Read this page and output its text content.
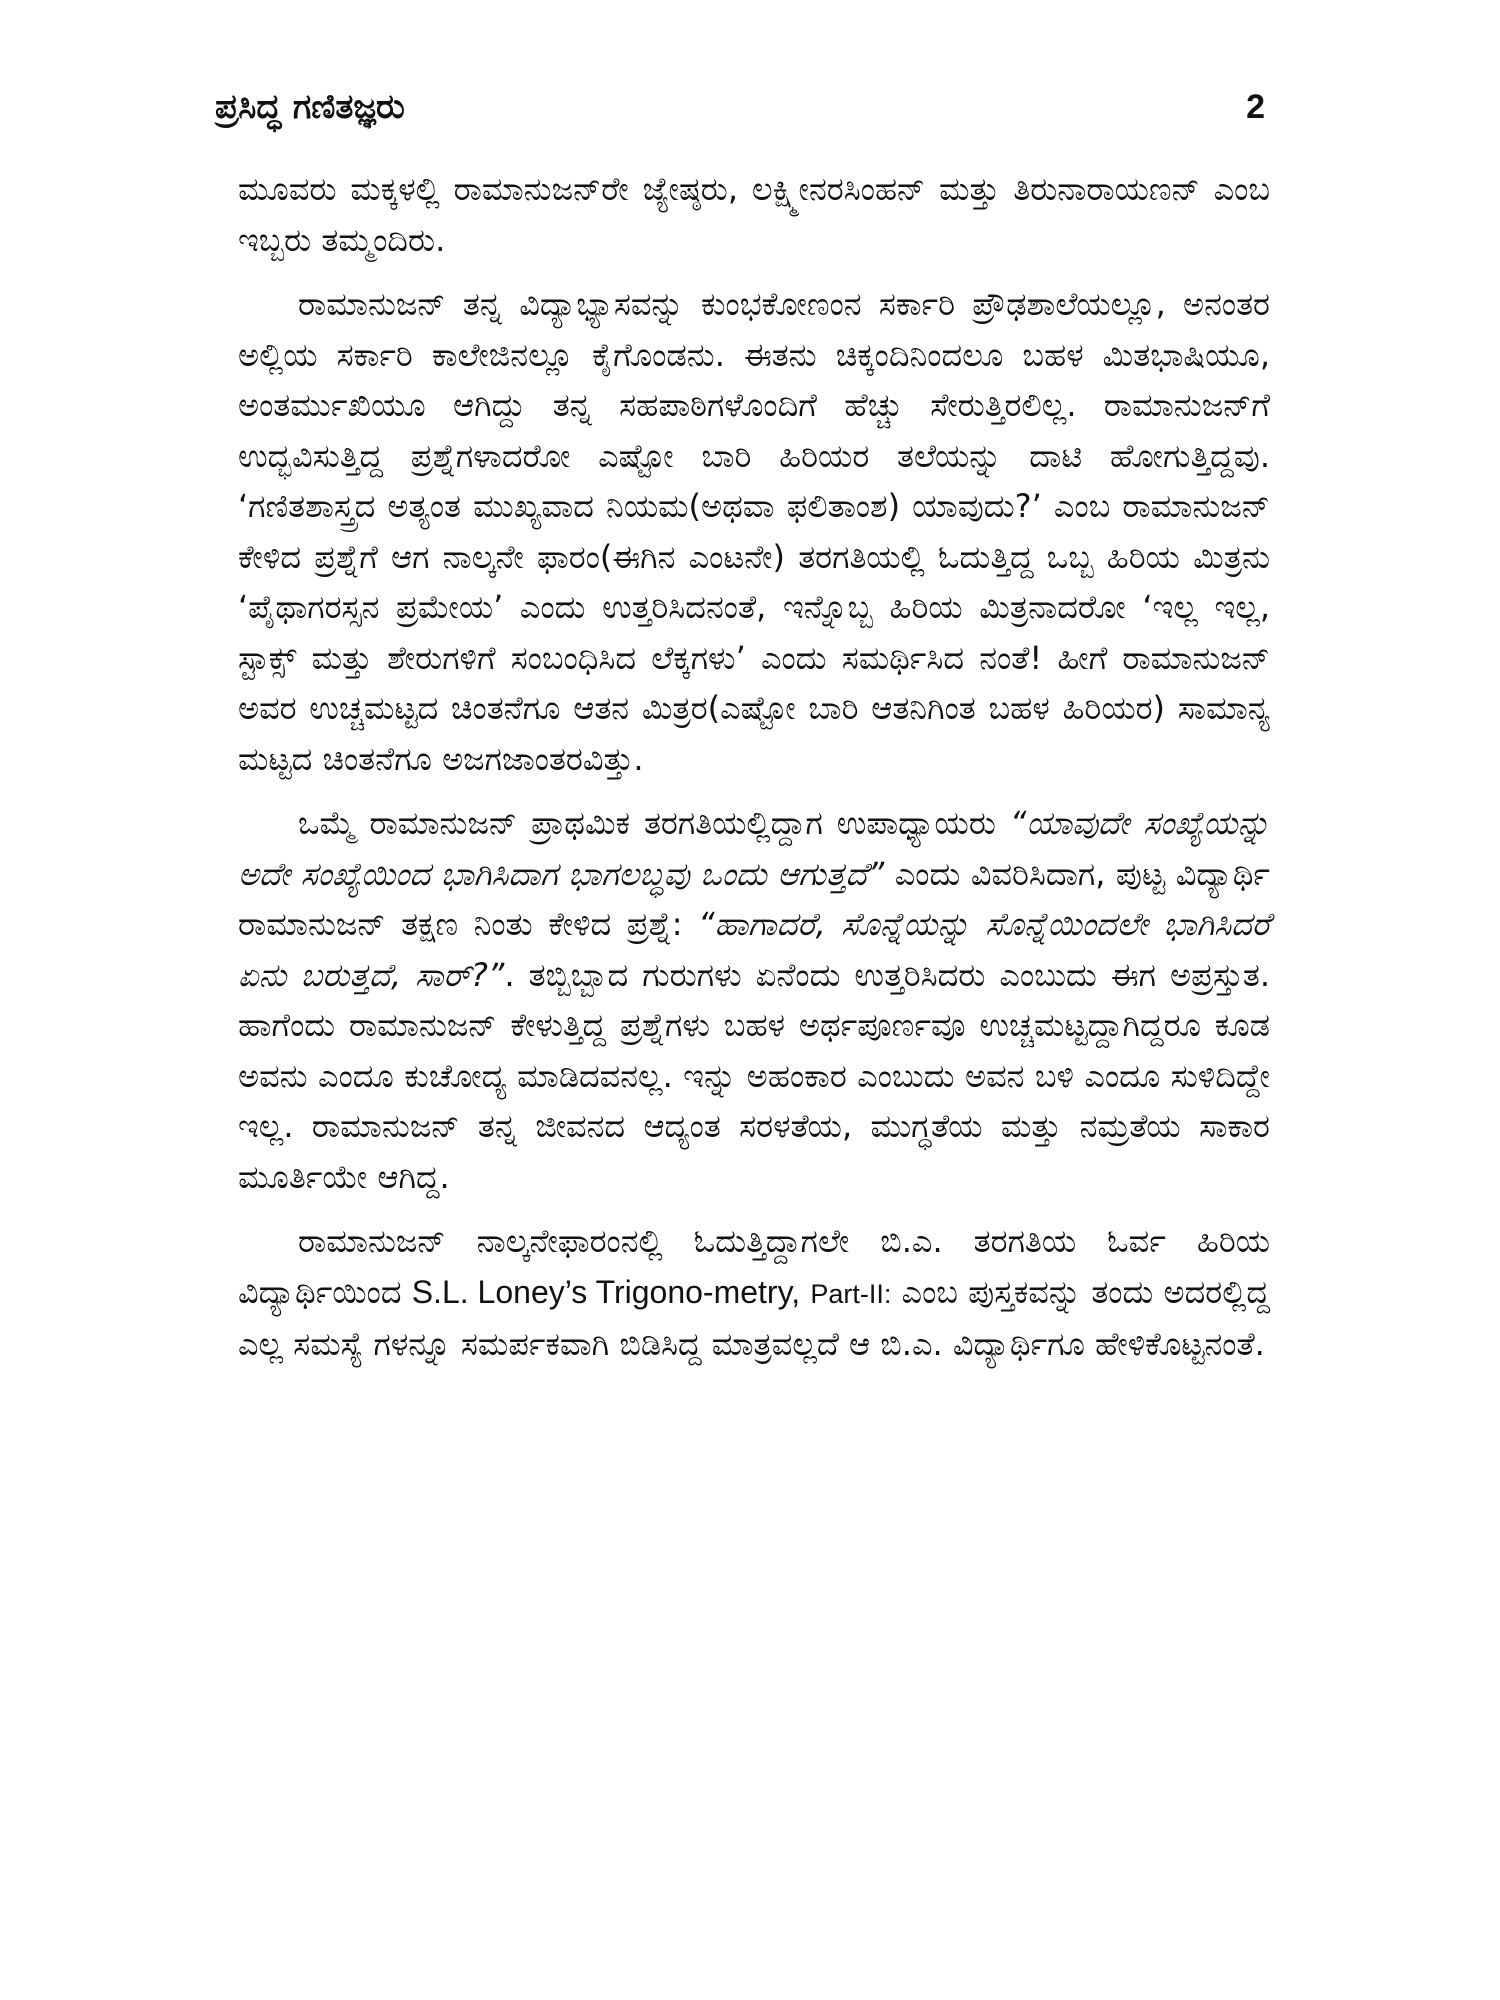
ಪ್ರಸಿದ್ಧ ಗಣಿತಜ್ಞರು	2

ಮೂವರು ಮಕ್ಕಳಲ್ಲಿ ರಾಮಾನುಜನ್‌ರೇ ಜ್ಯೇಷ್ಠರು, ಲಕ್ಷ್ಮೀನರಸಿಂಹನ್ ಮತ್ತು ತಿರುನಾರಾಯಣನ್ ಎಂಬ ಇಬ್ಬರು ತಮ್ಮಂದಿರು.

ರಾಮಾನುಜನ್ ತನ್ನ ವಿದ್ಯಾಭ್ಯಾಸವನ್ನು ಕುಂಭಕೋಣಂನ ಸರ್ಕಾರಿ ಪ್ರೌಢಶಾಲೆಯಲ್ಲೂ, ಅನಂತರ ಅಲ್ಲಿಯ ಸರ್ಕಾರಿ ಕಾಲೇಜಿನಲ್ಲೂ ಕೈಗೊಂಡನು. ಈತನು ಚಿಕ್ಕಂದಿನಿಂದಲೂ ಬಹಳ ಮಿತಭಾಷಿಯೂ, ಅಂತರ್ಮುಖಿಯೂ ಆಗಿದ್ದು ತನ್ನ ಸಹಪಾಠಿಗಳೊಂದಿಗೆ ಹೆಚ್ಚು ಸೇರುತ್ತಿರಲಿಲ್ಲ. ರಾಮಾನುಜನ್‌ಗೆ ಉದ್ಭವಿಸುತ್ತಿದ್ದ ಪ್ರಶ್ನೆಗಳಾದರೋ ಎಷ್ಟೋ ಬಾರಿ ಹಿರಿಯರ ತಲೆಯನ್ನು ದಾಟಿ ಹೋಗುತ್ತಿದ್ದವು. ‘ಗಣಿತಶಾಸ್ತ್ರದ ಅತ್ಯಂತ ಮುಖ್ಯವಾದ ನಿಯಮ(ಅಥವಾ ಫಲಿತಾಂಶ) ಯಾವುದು?’ ಎಂಬ ರಾಮಾನುಜನ್ ಕೇಳಿದ ಪ್ರಶ್ನೆಗೆ ಆಗ ನಾಲ್ಕನೇ ಫಾರಂ(ಈಗಿನ ಎಂಟನೇ) ತರಗತಿಯಲ್ಲಿ ಓದುತ್ತಿದ್ದ ಒಬ್ಬ ಹಿರಿಯ ಮಿತ್ರನು ‘ಪೈಥಾಗರಸ್ಸನ ಪ್ರಮೇಯ’ ಎಂದು ಉತ್ತರಿಸಿದನಂತೆ, ಇನ್ನೊಬ್ಬ ಹಿರಿಯ ಮಿತ್ರನಾದರೋ ‘ಇಲ್ಲ ಇಲ್ಲ, ಸ್ಟಾಕ್ಸ್ ಮತ್ತು ಶೇರುಗಳಿಗೆ ಸಂಬಂಧಿಸಿದ ಲೆಕ್ಕಗಳು’ ಎಂದು ಸಮರ್ಥಿಸಿದ ನಂತೆ! ಹೀಗೆ ರಾಮಾನುಜನ್ ಅವರ ಉಚ್ಚಮಟ್ಟದ ಚಿಂತನೆಗೂ ಆತನ ಮಿತ್ರರ(ಎಷ್ಟೋ ಬಾರಿ ಆತನಿಗಿಂತ ಬಹಳ ಹಿರಿಯರ) ಸಾಮಾನ್ಯ ಮಟ್ಟದ ಚಿಂತನೆಗೂ ಅಜಗಜಾಂತರವಿತ್ತು.

ಒಮ್ಮೆ ರಾಮಾನುಜನ್ ಪ್ರಾಥಮಿಕ ತರಗತಿಯಲ್ಲಿದ್ದಾಗ ಉಪಾಧ್ಯಾಯರು “ಯಾವುದೇ ಸಂಖ್ಯೆಯನ್ನು ಅದೇ ಸಂಖ್ಯೆಯಿಂದ ಭಾಗಿಸಿದಾಗ ಭಾಗಲಬ್ಧವು ಒಂದು ಆಗುತ್ತದೆ” ಎಂದು ವಿವರಿಸಿದಾಗ, ಪುಟ್ಟ ವಿದ್ಯಾರ್ಥಿ ರಾಮಾನುಜನ್ ತಕ್ಷಣ ನಿಂತು ಕೇಳಿದ ಪ್ರಶ್ನೆ: “ಹಾಗಾದರೆ, ಸೊನ್ನೆಯನ್ನು ಸೊನ್ನೆಯಿಂದಲೇ ಭಾಗಿಸಿದರೆ ಏನು ಬರುತ್ತದೆ, ಸಾರ್?”. ತಬ್ಬಿಬ್ಬಾದ ಗುರುಗಳು ಏನೆಂದು ಉತ್ತರಿಸಿದರು ಎಂಬುದು ಈಗ ಅಪ್ರಸ್ತುತ. ಹಾಗೆಂದು ರಾಮಾನುಜನ್ ಕೇಳುತ್ತಿದ್ದ ಪ್ರಶ್ನೆಗಳು ಬಹಳ ಅರ್ಥಪೂರ್ಣವೂ ಉಚ್ಚಮಟ್ಟದ್ದಾಗಿದ್ದರೂ ಕೂಡ ಅವನು ಎಂದೂ ಕುಚೋದ್ಯ ಮಾಡಿದವನಲ್ಲ. ಇನ್ನು ಅಹಂಕಾರ ಎಂಬುದು ಅವನ ಬಳಿ ಎಂದೂ ಸುಳಿದಿದ್ದೇ ಇಲ್ಲ. ರಾಮಾನುಜನ್ ತನ್ನ ಜೀವನದ ಆದ್ಯಂತ ಸರಳತೆಯ, ಮುಗ್ಧತೆಯ ಮತ್ತು ನಮ್ರತೆಯ ಸಾಕಾರ ಮೂರ್ತಿಯೇ ಆಗಿದ್ದ.

ರಾಮಾನುಜನ್ ನಾಲ್ಕನೇಫಾರಂನಲ್ಲಿ ಓದುತ್ತಿದ್ದಾಗಲೇ ಬಿ.ಎ. ತರಗತಿಯ ಓರ್ವ ಹಿರಿಯ ವಿದ್ಯಾರ್ಥಿಯಿಂದ S.L. Loney’s Trigono-metry, Part-II: ಎಂಬ ಪುಸ್ತಕವನ್ನು ತಂದು ಅದರಲ್ಲಿದ್ದ ಎಲ್ಲ ಸಮಸ್ಯೆ ಗಳನ್ನೂ ಸಮರ್ಪಕವಾಗಿ ಬಿಡಿಸಿದ್ದ ಮಾತ್ರವಲ್ಲದೆ ಆ ಬಿ.ಎ. ವಿದ್ಯಾರ್ಥಿಗೂ ಹೇಳಿಕೊಟ್ಟನಂತೆ.
